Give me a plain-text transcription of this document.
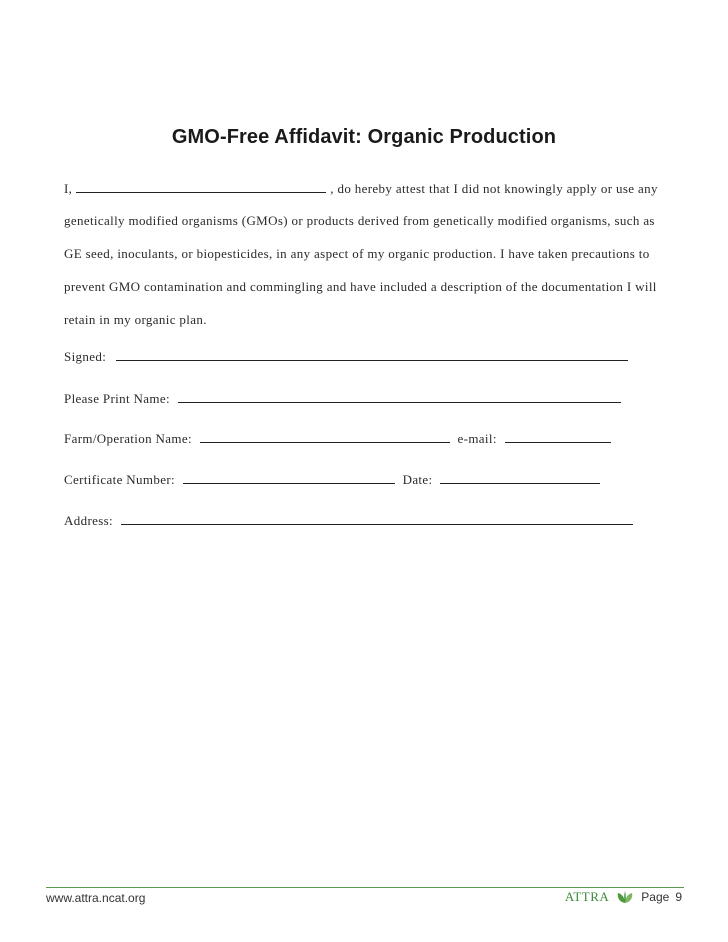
GMO-Free Affidavit: Organic Production
I,	, do hereby attest that I did not knowingly apply or use any
genetically modified organisms (GMOs) or products derived from genetically modified organisms, such as
GE seed, inoculants, or biopesticides, in any aspect of my organic production. I have taken precautions to
prevent GMO contamination and commingling and have included a description of the documentation I will
retain in my organic plan.
Signed:
Please Print Name:
Farm/Operation Name:	e-mail:
Certificate Number:	Date:
Address:
www.attra.ncat.org	ATTRA	Page 9
